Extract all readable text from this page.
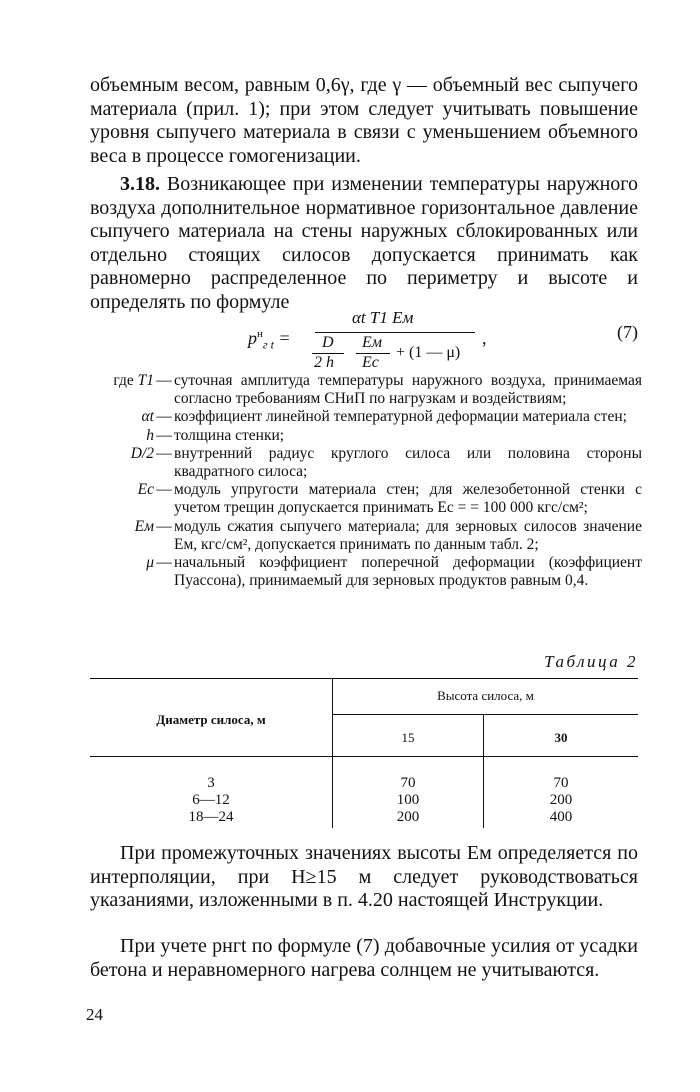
объемным весом, равным 0,6γ, где γ — объемный вес сыпучего материала (прил. 1); при этом следует учитывать повышение уровня сыпучего материала в связи с уменьшением объемного веса в процессе гомогенизации.

3.18. Возникающее при изменении температуры наружного воздуха дополнительное нормативное горизонтальное давление сыпучего материала на стены наружных сблокированных или отдельно стоящих силосов допускается принимать как равномерно распределенное по периметру и высоте и определять по формуле

$p^н_{г t}$ =
αt T1 Eм
D
2 h
Eм
Eс
+ (1 — μ)
,	(7)
где T1 — суточная амплитуда температуры наружного воздуха, принимаемая согласно требованиям СНиП по нагрузкам и воздействиям;
αt — коэффициент линейной температурной деформации материала стен;
h — толщина стенки;
D/2 — внутренний радиус круглого силоса или половина стороны квадратного силоса;
Eс — модуль упругости материала стен; для железобетонной стенки с учетом трещин допускается принимать Eс = = 100 000 кгс/см²;
Eм — модуль сжатия сыпучего материала; для зерновых силосов значение Eм, кгс/см², допускается принимать по данным табл. 2;
μ — начальный коэффициент поперечной деформации (коэффициент Пуассона), принимаемый для зерновых продуктов равным 0,4.
Таблица 2
Диаметр силоса, м
Высота силоса, м
15	30
3	70	70
6—12	100	200
18—24	200	400

При промежуточных значениях высоты Eм определяется по интерполяции, при H≥15 м следует руководствоваться указаниями, изложенными в п. 4.20 настоящей Инструкции.

При учете pнгt по формуле (7) добавочные усилия от усадки бетона и неравномерного нагрева солнцем не учитываются.

24
